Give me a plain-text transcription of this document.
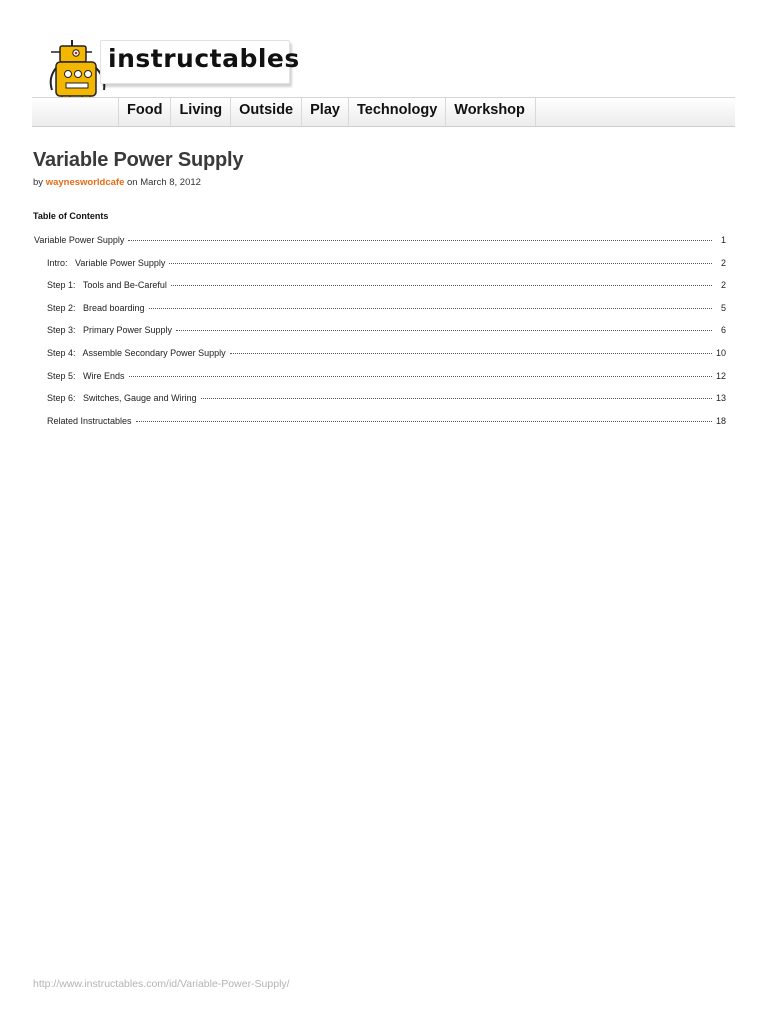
instructables
Food	Living	Outside	Play	Technology	Workshop
Variable Power Supply
by waynesworldcafe on March 8, 2012
Table of Contents
Variable Power Supply	1
Intro:   Variable Power Supply	2
Step 1:   Tools and Be-Careful	2
Step 2:   Bread boarding	5
Step 3:   Primary Power Supply	6
Step 4:   Assemble Secondary Power Supply	10
Step 5:   Wire Ends	12
Step 6:   Switches, Gauge and Wiring	13
Related Instructables	18
http://www.instructables.com/id/Variable-Power-Supply/
